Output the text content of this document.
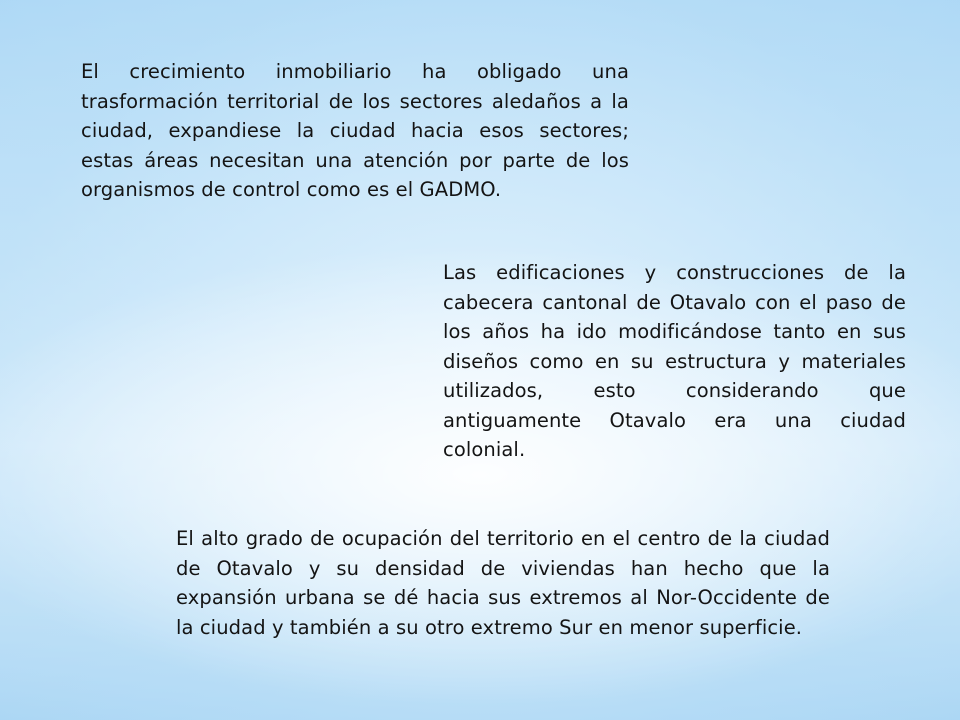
El crecimiento inmobiliario ha obligado una trasformación territorial de los sectores aledaños a la ciudad, expandiese la ciudad hacia esos sectores; estas áreas necesitan una atención por parte de los organismos de control como es el GADMO.

Las edificaciones y construcciones de la cabecera cantonal de Otavalo con el paso de los años ha ido modificándose tanto en sus diseños como en su estructura y materiales utilizados, esto considerando que antiguamente Otavalo era una ciudad colonial.

El alto grado de ocupación del territorio en el centro de la ciudad de Otavalo y su densidad de viviendas han hecho que la expansión urbana se dé hacia sus extremos al Nor-Occidente de la ciudad y también a su otro extremo Sur en menor superficie.
